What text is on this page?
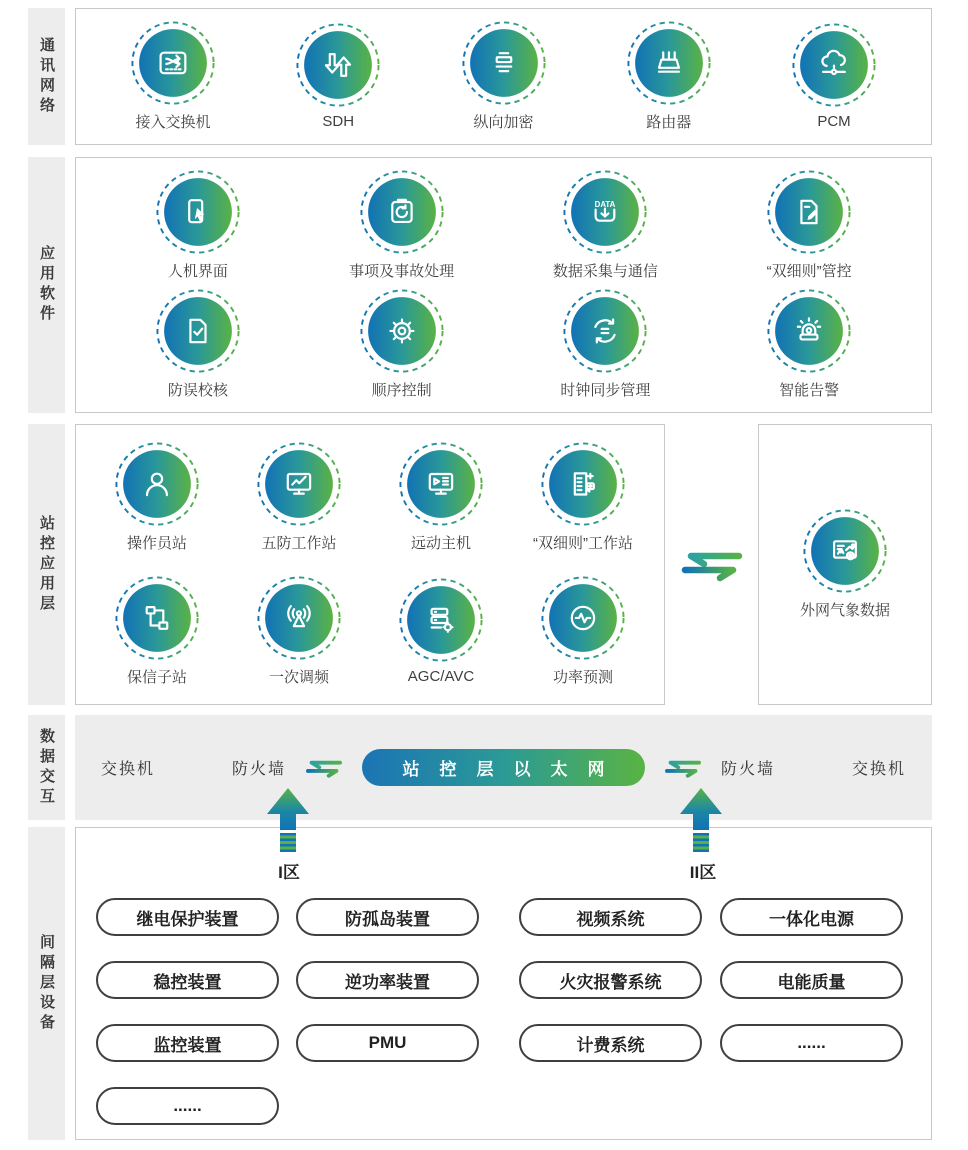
通讯网络
接入交换机	SDH	纵向加密	路由器	PCM
应用软件	人机界面	事项及事故处理
DATA
数据采集与通信	“双细则”管控
防误校核	顺序控制	时钟同步管理	智能告警
站控应用层	操作员站	五防工作站	远动主机	“双细则”工作站
保信子站	一次调频	AGC/AVC	功率预测
外网气象数据
数据交互	交换机	防火墙	站控层以太网	防火墙	交换机
间隔层设备
I区	II区
继电保护装置	防孤岛装置	视频系统	一体化电源
稳控装置	逆功率装置	火灾报警系统	电能质量
监控装置	PMU	计费系统	......
......
